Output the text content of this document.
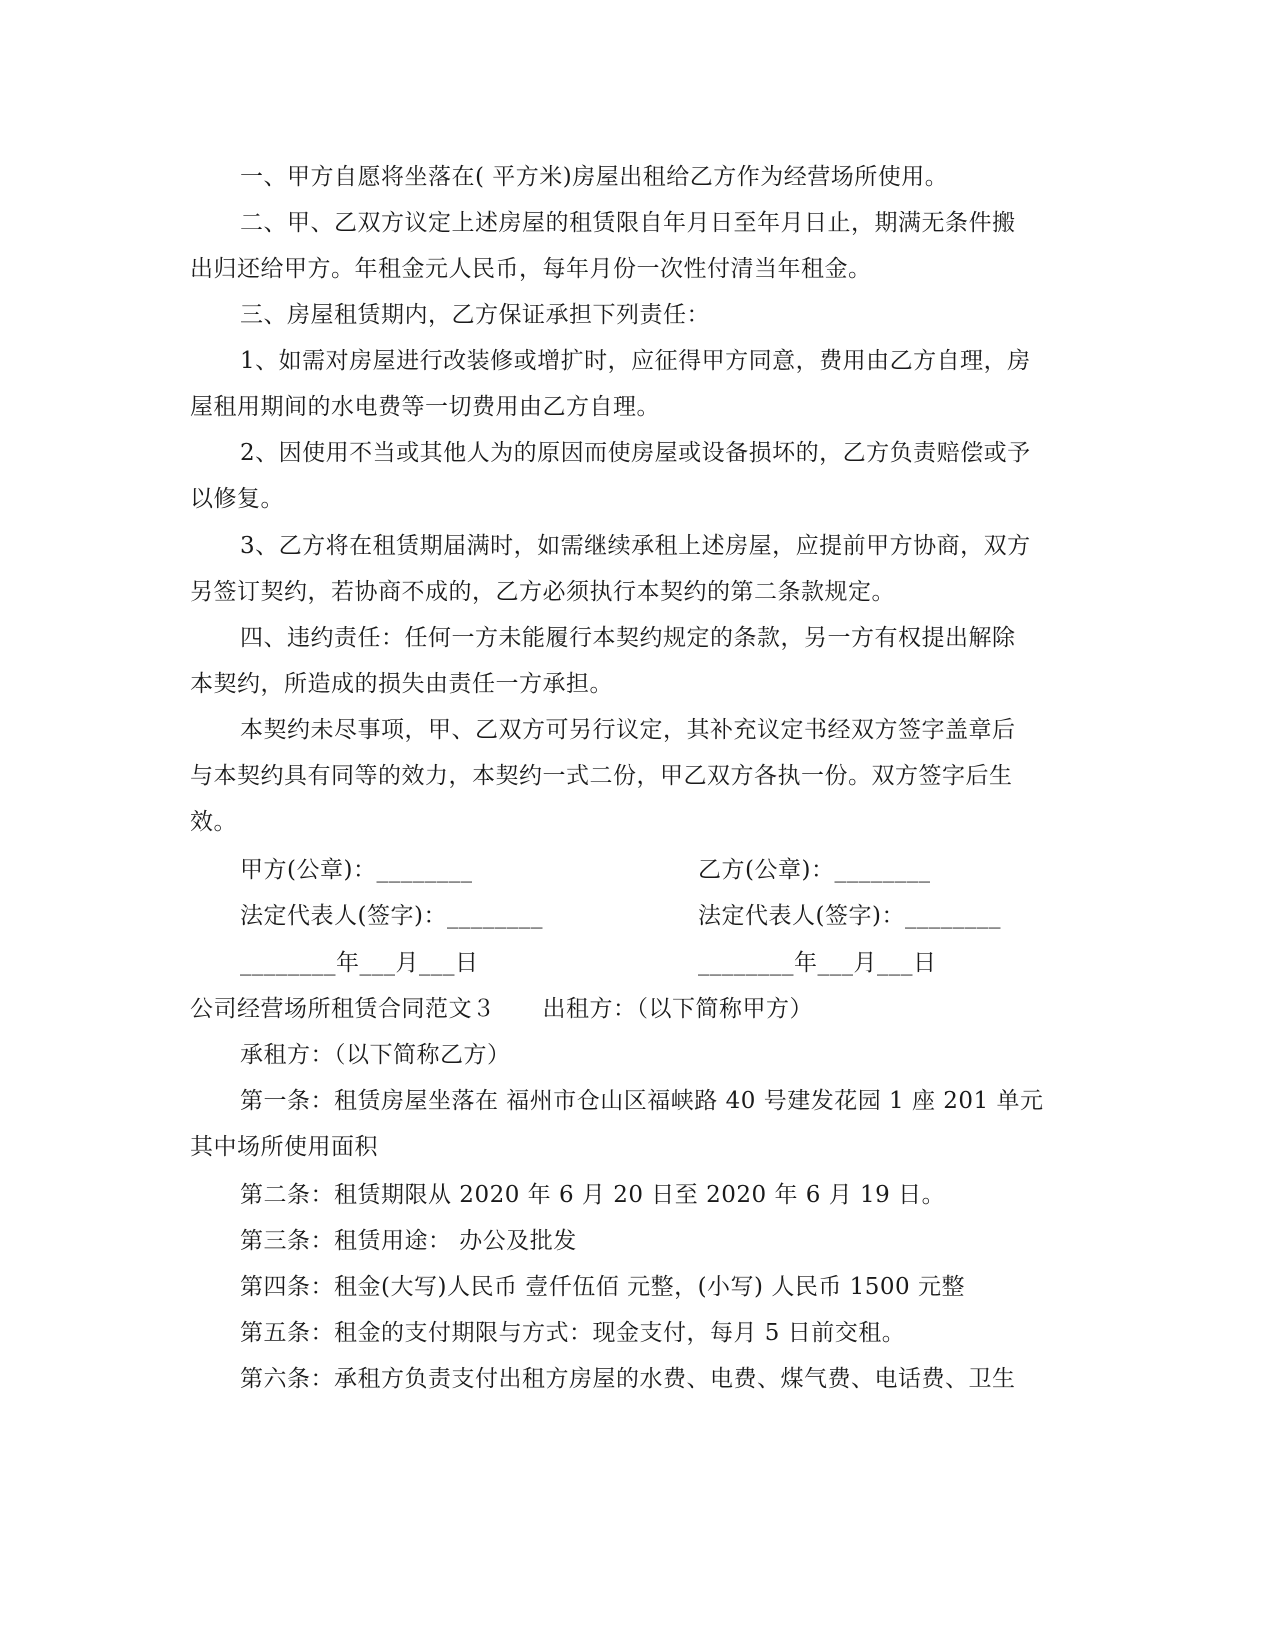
一、甲方自愿将坐落在( 平方米)房屋出租给乙方作为经营场所使用。
二、甲、乙双方议定上述房屋的租赁限自年月日至年月日止，期满无条件搬
出归还给甲方。年租金元人民币，每年月份一次性付清当年租金。
三、房屋租赁期内，乙方保证承担下列责任：
1、如需对房屋进行改装修或增扩时，应征得甲方同意，费用由乙方自理，房
屋租用期间的水电费等一切费用由乙方自理。
2、因使用不当或其他人为的原因而使房屋或设备损坏的，乙方负责赔偿或予
以修复。
3、乙方将在租赁期届满时，如需继续承租上述房屋，应提前甲方协商，双方
另签订契约，若协商不成的，乙方必须执行本契约的第二条款规定。
四、违约责任：任何一方未能履行本契约规定的条款，另一方有权提出解除
本契约，所造成的损失由责任一方承担。
本契约未尽事项，甲、乙双方可另行议定，其补充议定书经双方签字盖章后
与本契约具有同等的效力，本契约一式二份，甲乙双方各执一份。双方签字后生
效。
甲方(公章)：________	乙方(公章)：________
法定代表人(签字)：________	法定代表人(签字)：________
________年___月___日	________年___月___日
公司经营场所租赁合同范文３　　出租方：（以下简称甲方）
承租方：（以下简称乙方）
第一条：租赁房屋坐落在 福州市仓山区福峡路 40 号建发花园 1 座 201 单元
其中场所使用面积
第二条：租赁期限从 2020 年 6 月 20 日至 2020 年 6 月 19 日。
第三条：租赁用途： 办公及批发
第四条：租金(大写)人民币 壹仟伍佰 元整，(小写) 人民币 1500 元整
第五条：租金的支付期限与方式：现金支付，每月 5 日前交租。
第六条：承租方负责支付出租方房屋的水费、电费、煤气费、电话费、卫生
